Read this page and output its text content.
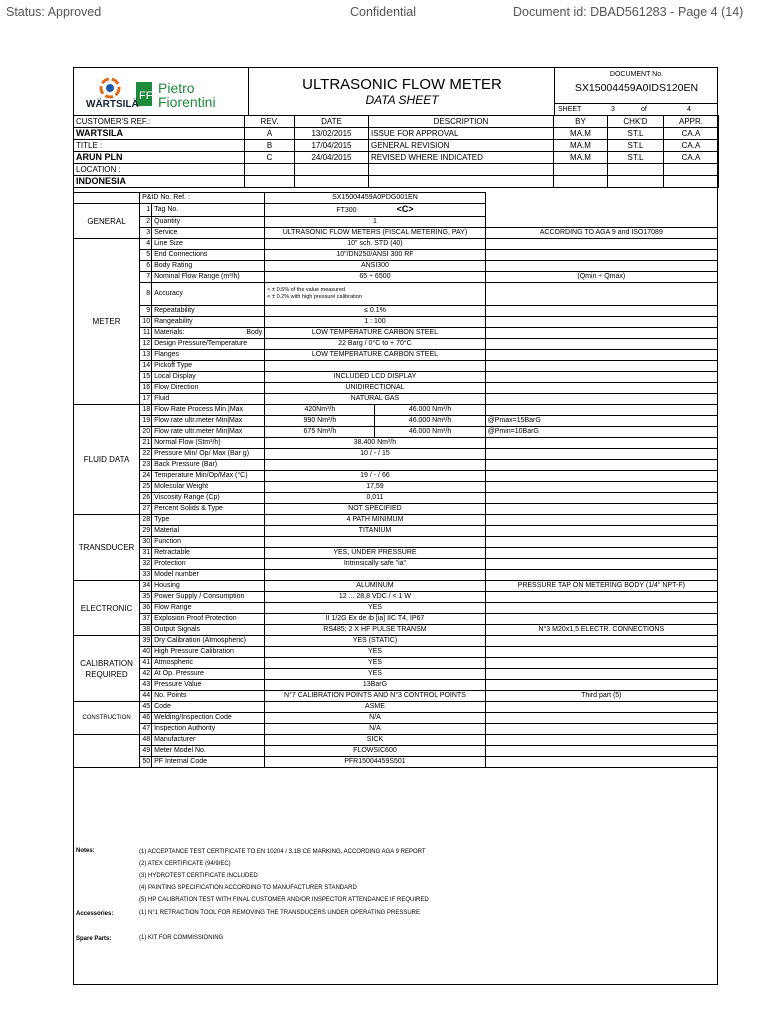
Status: Approved	Confidential	Document id: DBAD561283 - Page 4 (14)
FF
WÄRTSILÄ
Pietro
Fiorentini
ULTRASONIC FLOW METER
DATA SHEET
DOCUMENT No.
SX15004459A0IDS120EN
SHEET	3	of	4
CUSTOMER'S REF.:	REV.	DATE	DESCRIPTION	BY	CHK'D	APPR.
WARTSILA	A	13/02/2015	ISSUE FOR APPROVAL	MA.M	ST.L	CA.A
TITLE :	B	17/04/2015	GENERAL REVISION	MA.M	ST.L	CA.A
ARUN PLN	C	24/04/2015	REVISED WHERE INDICATED	MA.M	ST.L	CA.A
LOCATION :						
INDONESIA						
	P&ID No. Ref. :		SX15004459A0PDG001EN		
GENERAL	1	Tag No.	FT300 <C>		
	2	Quantity	1		
	3	Service	ULTRASONIC FLOW METERS (FISCAL METERING, PAY)		ACCORDING TO AGA 9 and ISO17089
METER	4	Line Size	10" sch. STD (40)		
	5	End Connections	10"/DN250/ANSI 300 RF		
	6	Body Rating	ANSI300		
	7	Nominal Flow Range (m³/h)	65 ÷ 6500		(Qmin ÷ Qmax)
	8	Accuracy	< ± 0.5% of the value measured
< ± 0.2% with high pressure calibration		

	9	Repeatability	≤ 0.1%		
	10	Rangeability	1 : 100		
	11	Materials: Body	LOW TEMPERATURE CARBON STEEL		
	12	Design Pressure/Temperature	22 Barg / 0°C to + 70°C		
	13	Flanges	LOW TEMPERATURE CARBON STEEL		
	14	Pickoff Type			
	15	Local Display	INCLUDED LCD DISPLAY		
	16	Flow Direction	UNIDIRECTIONAL		
	17	Fluid	NATURAL GAS		
FLUID DATA	18	Flow Rate Process Min.|Max	420Nm³/h	46.000 Nm³/h	
	19	Flow rate ultr.meter Min|Max	990 Nm³/h	46.000 Nm³/h	@Pmax=15BarG
	20	Flow rate ultr.meter Min|Max	675 Nm³/h	46.000 Nm³/h	@Pmin=10BarG
	21	Normal Flow (Stm³/h)	38.400 Nm³/h		
	22	Pressure Min/ Op/ Max (Bar g)	10 / - / 15		
	23	Back Pressure (Bar)			
	24	Temperature Min/Op/Max (°C)	19 / - / 66		
	25	Molecular Weight	17,59		
	26	Viscosity Range (Cp)	0,011		
	27	Percent Solids & Type	NOT SPECIFIED		
TRANSDUCER	28	Type	4 PATH MINIMUM		
	29	Material	TITANIUM		
	30	Function			
	31	Retractable	YES, UNDER PRESSURE		
	32	Protection	Intrinsically safe "ia"		
	33	Model number			
ELECTRONIC	34	Housing	ALUMINUM		PRESSURE TAP ON METERING BODY (1/4" NPT-F)
	35	Power Supply / Consumption	12 ... 28,8 VDC / < 1 W		
	36	Flow Range	YES		
	37	Explosion Proof Protection	II 1/2G Ex de ib [ia] IIC T4, IP67		
	38	Output Signals	RS485; 2 X HF PULSE TRANSM		N°3 M20x1,5 ELECTR. CONNECTIONS
CALIBRATION REQUIRED	39	Dry Calibration (Atmospheric)	YES (STATIC)		
	40	High Pressure Calibration	YES		
	41	Atmospheric	YES		
	42	At Op. Pressure	YES		
	43	Pressure Value	13BarG		
	44	No. Points	N°7 CALIBRATION POINTS AND N°3 CONTROL POINTS		Third part (5)
CONSTRUCTION	45	Code	ASME		
	46	Welding/Inspection Code	N/A		
	47	Inspection Authority	N/A		
	48	Manufacturer	SICK		
	49	Meter Model No.	FLOWSIC600		
	50	PF Internal Code	PFR15004459S501		
Notes:	(1) ACCEPTANCE TEST CERTIFICATE TO EN 10204 / 3.1B CE MARKING, ACCORDING AGA 9 REPORT
(2) ATEX CERTIFICATE (94/9/EC)
(3) HYDROTEST CERTIFICATE INCLUDED
(4) PAINTING SPECIFICATION ACCORDING TO MANUFACTURER STANDARD
(5) HP CALIBRATION TEST WITH FINAL CUSTOMER AND/OR INSPECTOR ATTENDANCE IF REQUIRED
Accessories:	(1) N°1 RETRACTION TOOL FOR REMOVING THE TRANSDUCERS UNDER OPERATING PRESSURE
Spare Parts:	(1) KIT FOR COMMISSIONING
